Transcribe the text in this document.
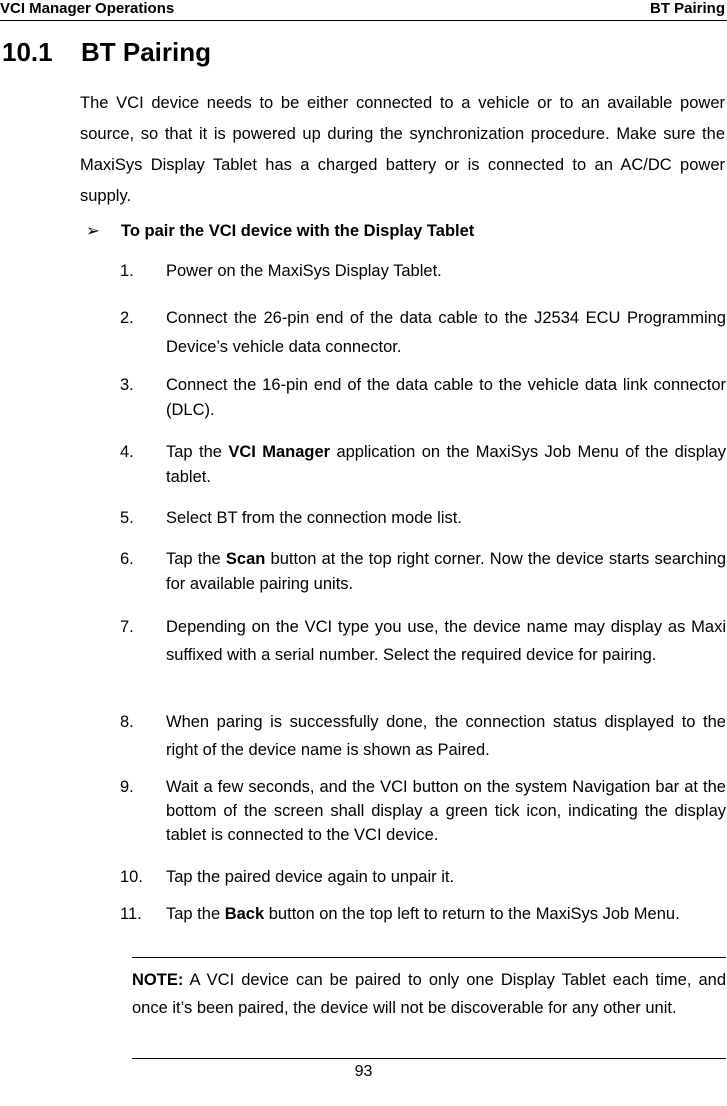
VCI Manager Operations	BT Pairing
10.1 BT Pairing

The VCI device needs to be either connected to a vehicle or to an available power source, so that it is powered up during the synchronization procedure. Make sure the MaxiSys Display Tablet has a charged battery or is connected to an AC/DC power supply.

➢ To pair the VCI device with the Display Tablet
1.	Power on the MaxiSys Display Tablet.
2.	Connect the 26-pin end of the data cable to the J2534 ECU Programming Device’s vehicle data connector.
3.	Connect the 16-pin end of the data cable to the vehicle data link connector (DLC).
4.	Tap the VCI Manager application on the MaxiSys Job Menu of the display tablet.
5.	Select BT from the connection mode list.
6.	Tap the Scan button at the top right corner. Now the device starts searching for available pairing units.
7.	Depending on the VCI type you use, the device name may display as Maxi suffixed with a serial number. Select the required device for pairing.
8.	When paring is successfully done, the connection status displayed to the right of the device name is shown as Paired.
9.	Wait a few seconds, and the VCI button on the system Navigation bar at the bottom of the screen shall display a green tick icon, indicating the display tablet is connected to the VCI device.
10.	Tap the paired device again to unpair it.
11.	Tap the Back button on the top left to return to the MaxiSys Job Menu.
NOTE: A VCI device can be paired to only one Display Tablet each time, and once it’s been paired, the device will not be discoverable for any other unit.
93
